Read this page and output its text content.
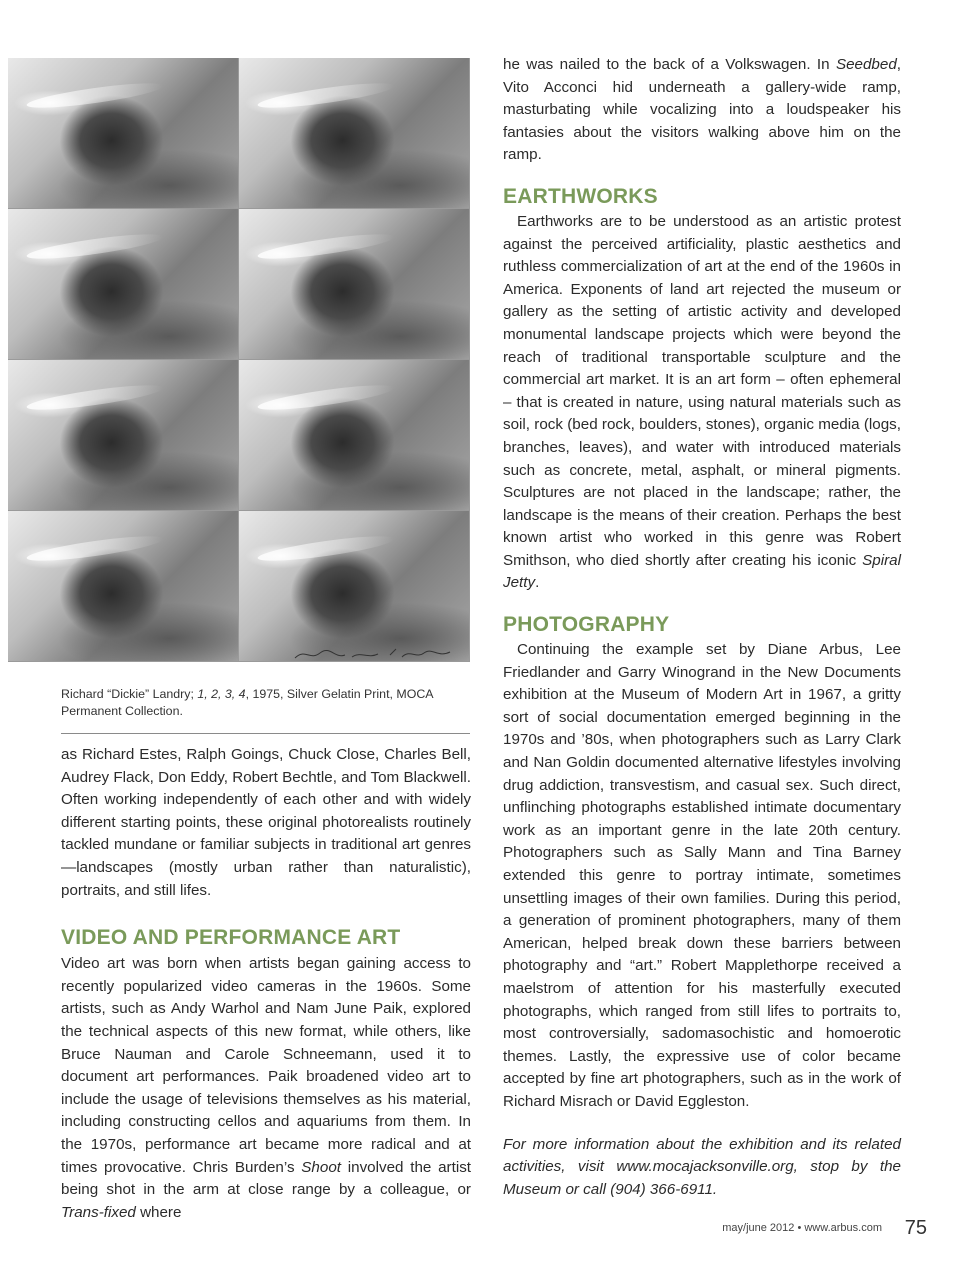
Richard “Dickie” Landry; 1, 2, 3, 4, 1975, Silver Gelatin Print, MOCA Permanent Collection.

as Richard Estes, Ralph Goings, Chuck Close, Charles Bell, Audrey Flack, Don Eddy, Robert Bechtle, and Tom Blackwell. Often working independently of each other and with widely different starting points, these original photorealists routinely tackled mundane or familiar subjects in traditional art genres—landscapes (mostly urban rather than naturalistic), portraits, and still lifes.

VIDEO AND PERFORMANCE ART

Video art was born when artists began gaining access to recently popularized video cameras in the 1960s. Some artists, such as Andy Warhol and Nam June Paik, explored the technical aspects of this new format, while others, like Bruce Nauman and Carole Schneemann, used it to document art performances. Paik broadened video art to include the usage of televisions themselves as his material, including constructing cellos and aquariums from them. In the 1970s, performance art became more radical and at times provocative. Chris Burden’s Shoot involved the artist being shot in the arm at close range by a colleague, or Trans-fixed where

he was nailed to the back of a Volkswagen. In Seedbed, Vito Acconci hid underneath a gallery-wide ramp, masturbating while vocalizing into a loudspeaker his fantasies about the visitors walking above him on the ramp.

EARTHWORKS

Earthworks are to be understood as an artistic protest against the perceived artificiality, plastic aesthetics and ruthless commercialization of art at the end of the 1960s in America. Exponents of land art rejected the museum or gallery as the setting of artistic activity and developed monumental landscape projects which were beyond the reach of traditional transportable sculpture and the commercial art market. It is an art form – often ephemeral – that is created in nature, using natural materials such as soil, rock (bed rock, boulders, stones), organic media (logs, branches, leaves), and water with introduced materials such as concrete, metal, asphalt, or mineral pigments. Sculptures are not placed in the landscape; rather, the landscape is the means of their creation. Perhaps the best known artist who worked in this genre was Robert Smithson, who died shortly after creating his iconic Spiral Jetty.

PHOTOGRAPHY

Continuing the example set by Diane Arbus, Lee Friedlander and Garry Winogrand in the New Documents exhibition at the Museum of Modern Art in 1967, a gritty sort of social documentation emerged beginning in the 1970s and ’80s, when photographers such as Larry Clark and Nan Goldin documented alternative lifestyles involving drug addiction, transvestism, and casual sex. Such direct, unflinching photographs established intimate documentary work as an important genre in the late 20th century. Photographers such as Sally Mann and Tina Barney extended this genre to portray intimate, sometimes unsettling images of their own families. During this period, a generation of prominent photographers, many of them American, helped break down these barriers between photography and “art.” Robert Mapplethorpe received a maelstrom of attention for his masterfully executed photographs, which ranged from still lifes to portraits to, most controversially, sadomasochistic and homoerotic themes. Lastly, the expressive use of color became accepted by fine art photographers, such as in the work of Richard Misrach or David Eggleston.

For more information about the exhibition and its related activities, visit www.mocajacksonville.org, stop by the Museum or call (904) 366-6911.

may/june 2012 • www.arbus.com 75
